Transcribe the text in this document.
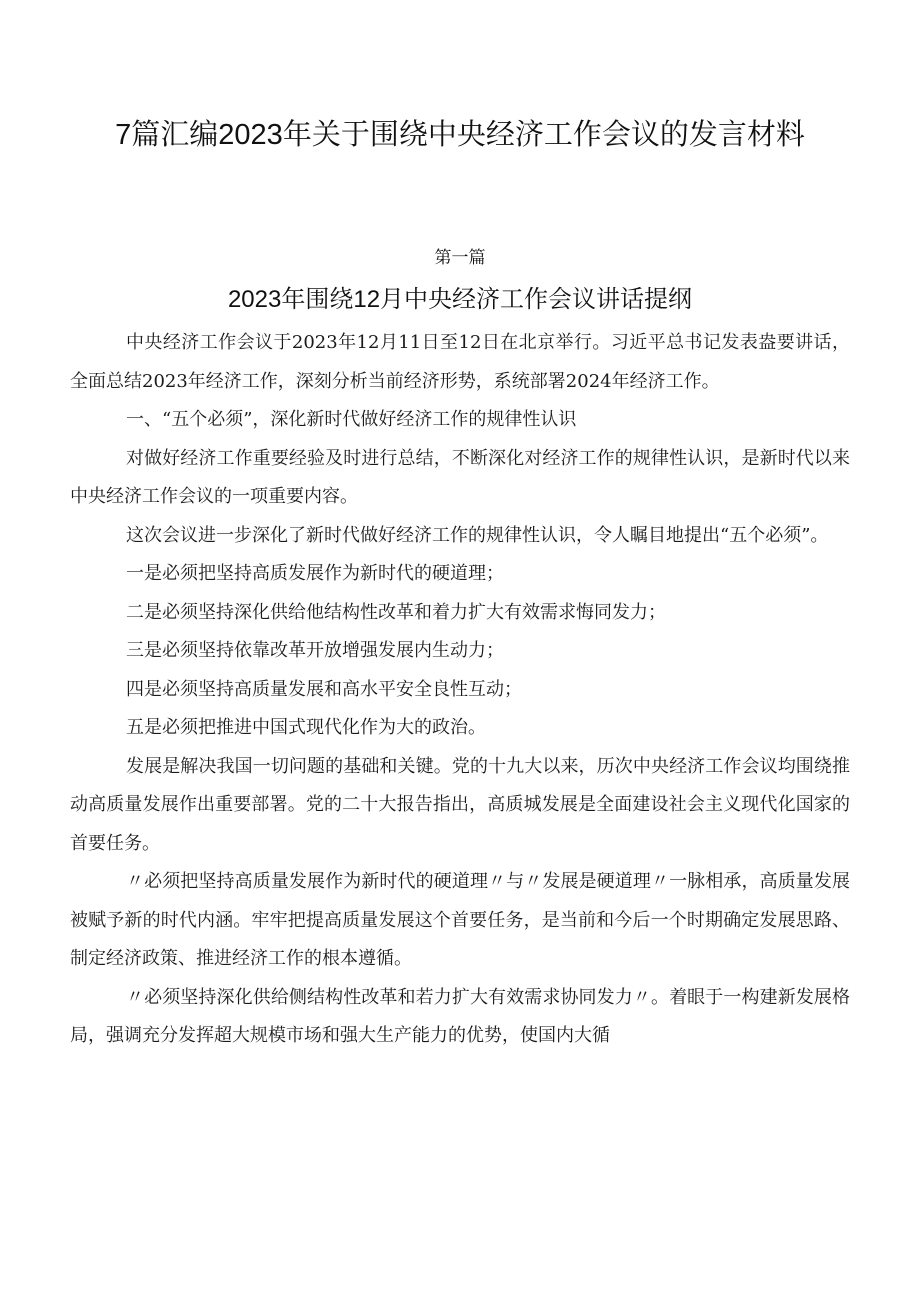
7篇汇编2023年关于围绕中央经济工作会议的发言材料
第一篇
2023年围绕12月中央经济工作会议讲话提纲

中央经济工作会议于2023年12月11日至12日在北京举行。习近平总书记发表盎要讲话，全面总结2023年经济工作，深刻分析当前经济形势，系统部署2024年经济工作。

一、“五个必须”，深化新时代做好经济工作的规律性认识

对做好经济工作重要经验及时进行总结，不断深化对经济工作的规律性认识，是新时代以来中央经济工作会议的一项重要内容。

这次会议进一步深化了新时代做好经济工作的规律性认识，令人瞩目地提出“五个必须”。

一是必须把坚持高质发展作为新时代的硬道理；

二是必须坚持深化供给他结构性改革和着力扩大有效需求悔同发力；

三是必须坚持依靠改革开放增强发展内生动力；

四是必须坚持高质量发展和高水平安全良性互动；

五是必须把推进中国式现代化作为大的政治。

发展是解决我国一切问题的基础和关键。党的十九大以来，历次中央经济工作会议均围绕推动高质量发展作出重要部署。党的二十大报告指出，高质城发展是全面建设社会主义现代化国家的首要任务。

〃必须把坚持高质量发展作为新时代的硬道理〃与〃发展是硬道理〃一脉相承，高质量发展被赋予新的时代内涵。牢牢把提高质量发展这个首要任务，是当前和今后一个时期确定发展思路、制定经济政策、推进经济工作的根本遵循。

〃必须坚持深化供给侧结构性改革和若力扩大有效需求协同发力〃。着眼于一构建新发展格局，强调充分发挥超大规模市场和强大生产能力的优势，使国内大循
